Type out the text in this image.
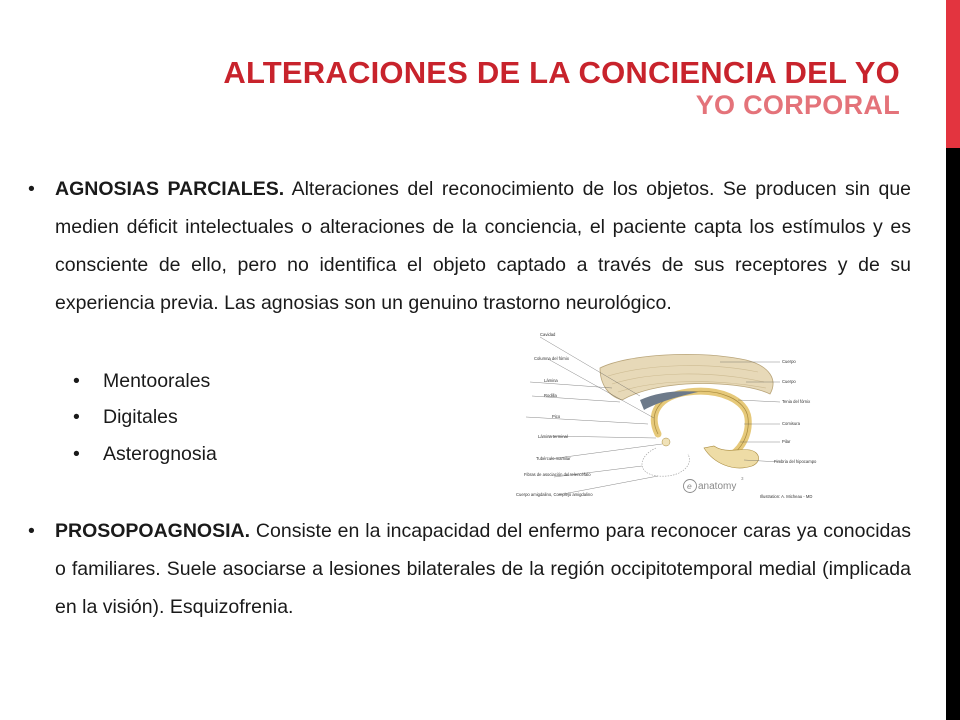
ALTERACIONES DE LA CONCIENCIA DEL YO
YO CORPORAL
• AGNOSIAS PARCIALES. Alteraciones del reconocimiento de los objetos. Se producen sin que medien déficit intelectuales o alteraciones de la conciencia, el paciente capta los estímulos y es consciente de ello, pero no identifica el objeto captado a través de sus receptores y de su experiencia previa. Las agnosias son un genuino trastorno neurológico.
• Mentoorales
• Digitales
• Asterognosia
• PROSOPOAGNOSIA. Consiste en la incapacidad del enfermo para reconocer caras ya conocidas o familiares. Suele asociarse a lesiones bilaterales de la región occipitotemporal medial (implicada en la visión). Esquizofrenia.
Cavidad
Columna del fórnix
Lámina
Rodilla
Pico
Lámina terminal
Tubérculo mamilar
Fibras de asociación del telencéfalo
Cuerpo amigdalino, Complejo amigdalino
Cuerpo
Cuerpo
Tenia del fórnix
Comisura
Pilar
Fimbria del hipocampo
e anatomy
3
Illustration: A. Micheau - MD
